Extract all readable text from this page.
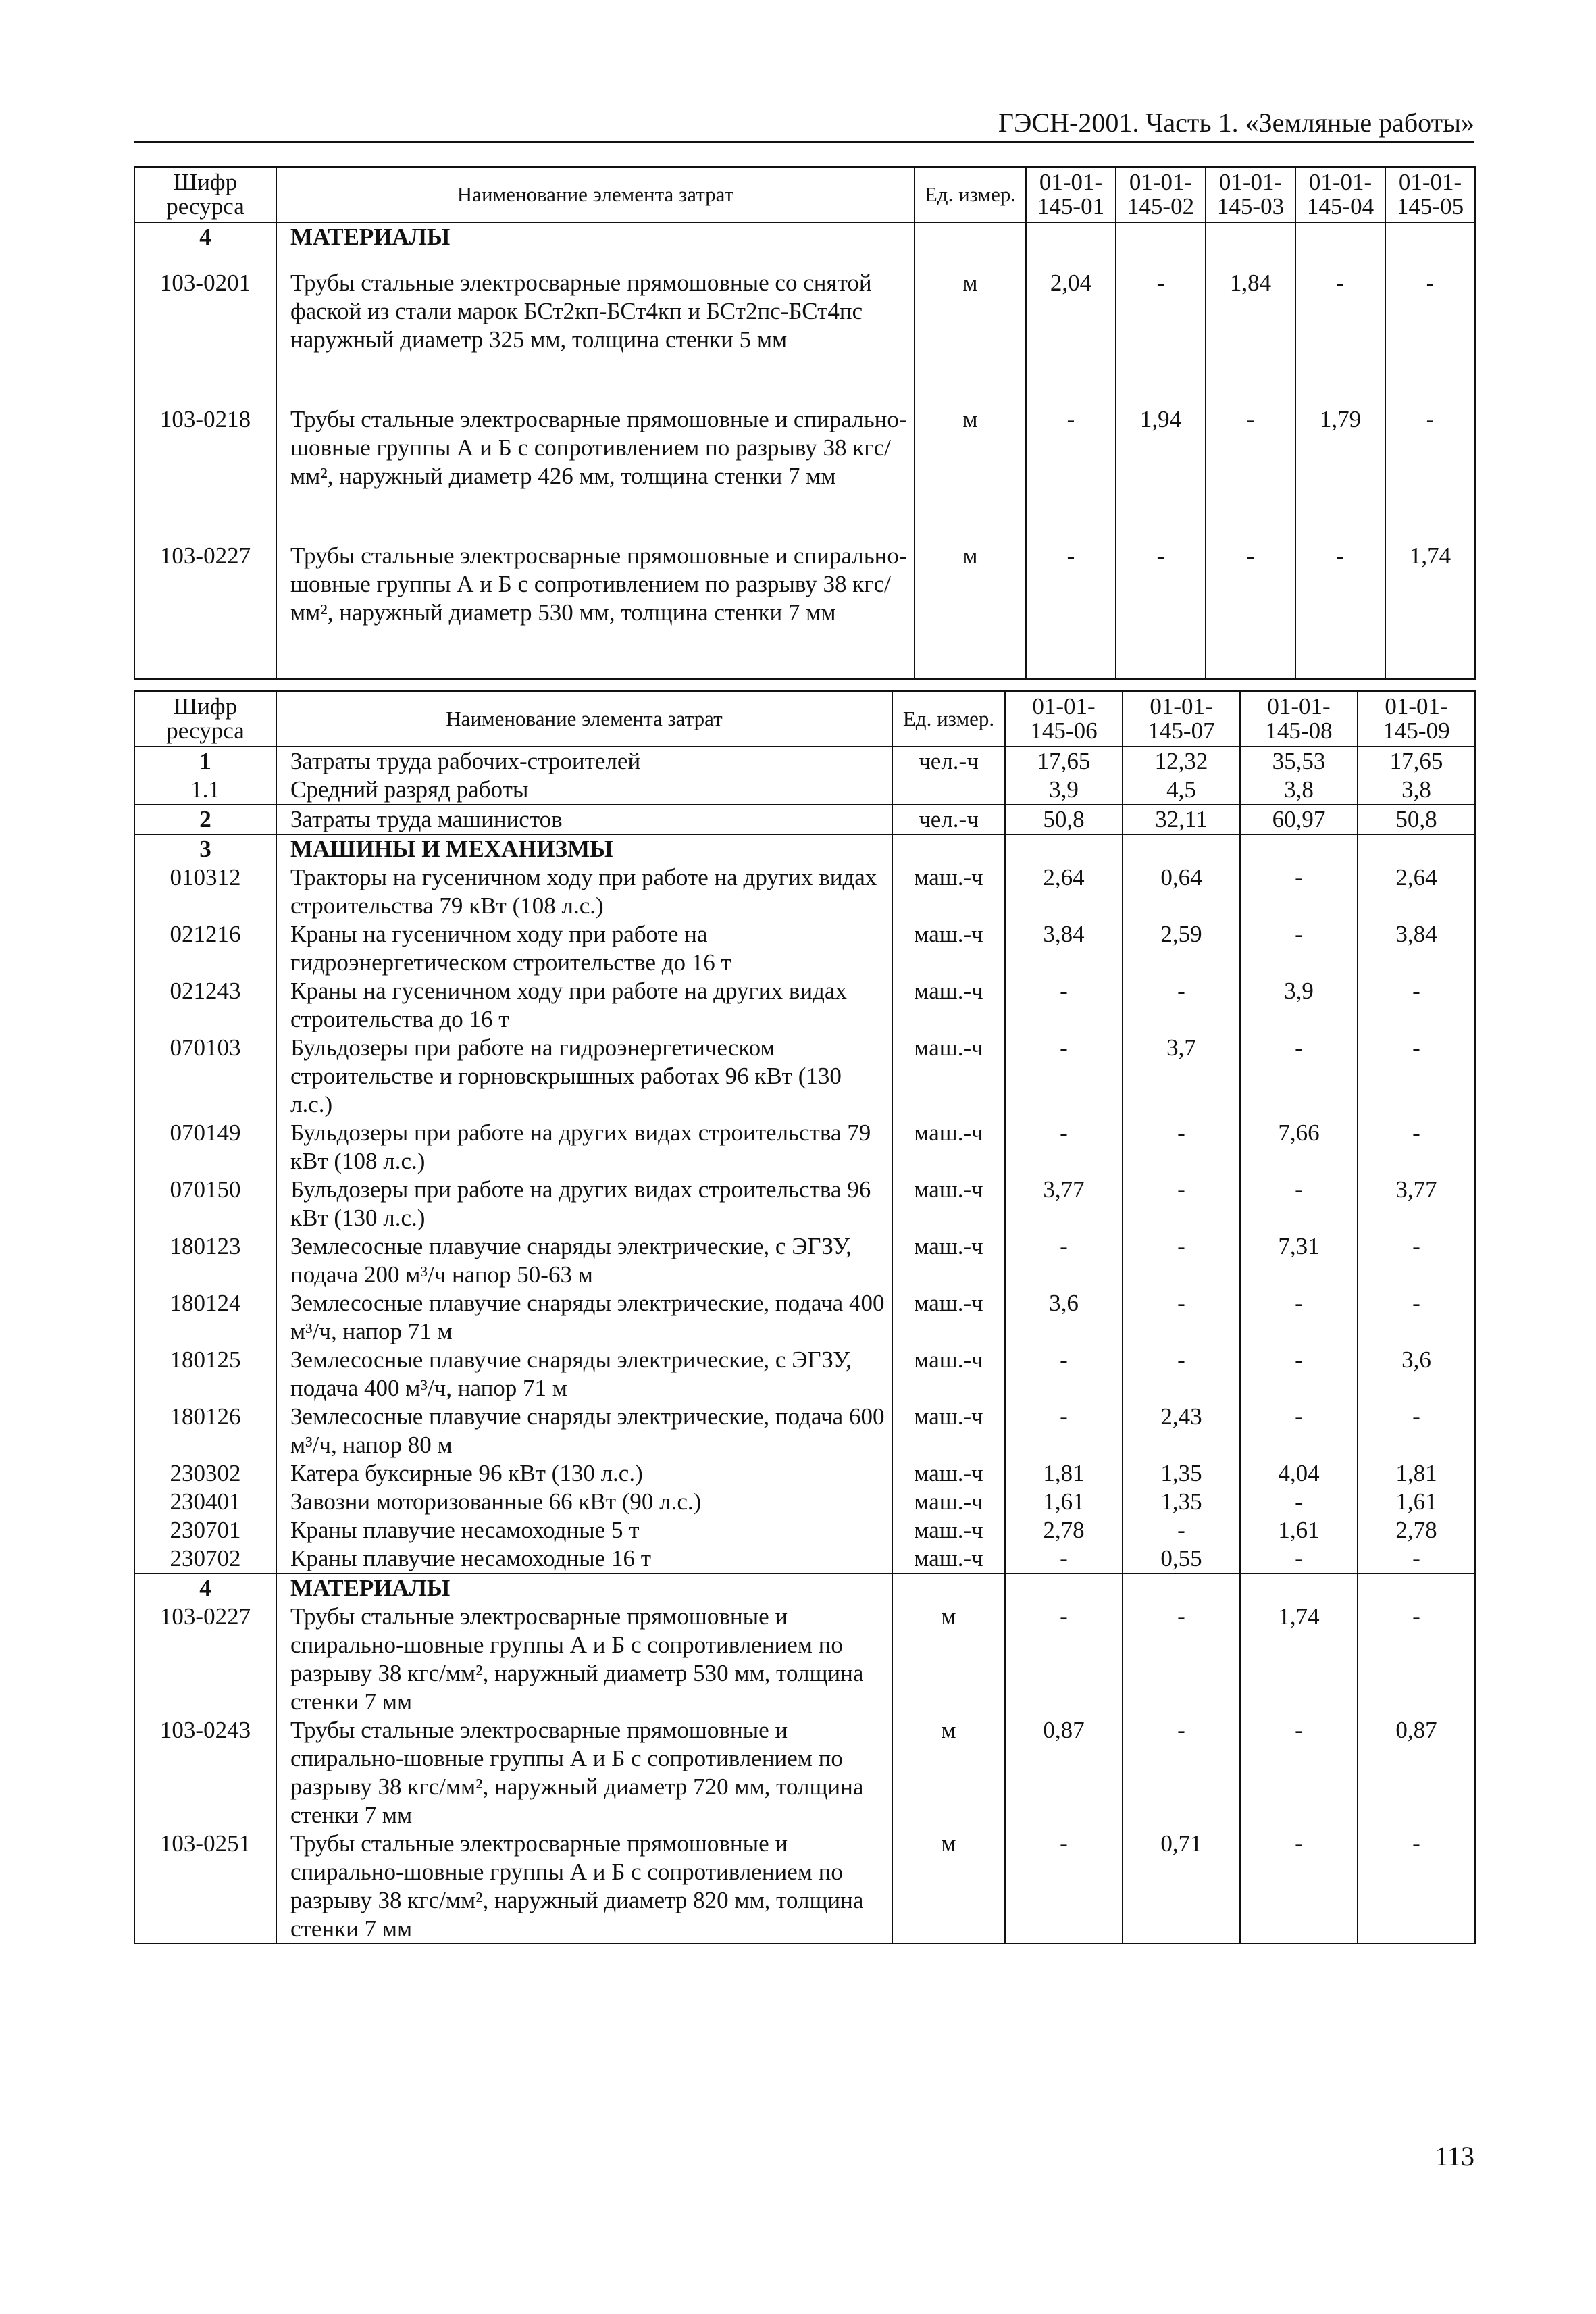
ГЭСН-2001. Часть 1. «Земляные работы»
Шифр ресурса	Наименование элемента затрат	Ед. измер.	01-01-145-01	01-01-145-02	01-01-145-03	01-01-145-04	01-01-145-05
4	МАТЕРИАЛЫ						
103-0201	Трубы стальные электросварные прямошовные со снятой фаской из стали марок БСт2кп-БСт4кп и БСт2пс-БСт4пс наружный диаметр 325 мм, толщина стенки 5 мм	м	2,04	-	1,84	-	-
103-0218	Трубы стальные электросварные прямошовные и спирально-шовные группы А и Б с сопротивлением по разрыву 38 кгс/мм², наружный диаметр 426 мм, толщина стенки 7 мм	м	-	1,94	-	1,79	-
103-0227	Трубы стальные электросварные прямошовные и спирально-шовные группы А и Б с сопротивлением по разрыву 38 кгс/мм², наружный диаметр 530 мм, толщина стенки 7 мм	м	-	-	-	-	1,74
Шифр ресурса	Наименование элемента затрат	Ед. измер.	01-01-145-06	01-01-145-07	01-01-145-08	01-01-145-09
1	Затраты труда рабочих-строителей	чел.-ч	17,65	12,32	35,53	17,65
1.1	Средний разряд работы		3,9	4,5	3,8	3,8
2	Затраты труда машинистов	чел.-ч	50,8	32,11	60,97	50,8
3	МАШИНЫ И МЕХАНИЗМЫ					
010312	Тракторы на гусеничном ходу при работе на других видах строительства 79 кВт (108 л.с.)	маш.-ч	2,64	0,64	-	2,64
021216	Краны на гусеничном ходу при работе на гидроэнергетическом строительстве до 16 т	маш.-ч	3,84	2,59	-	3,84
021243	Краны на гусеничном ходу при работе на других видах строительства до 16 т	маш.-ч	-	-	3,9	-
070103	Бульдозеры при работе на гидроэнергетическом строительстве и горновскрышных работах 96 кВт (130 л.с.)	маш.-ч	-	3,7	-	-
070149	Бульдозеры при работе на других видах строительства 79 кВт (108 л.с.)	маш.-ч	-	-	7,66	-
070150	Бульдозеры при работе на других видах строительства 96 кВт (130 л.с.)	маш.-ч	3,77	-	-	3,77
180123	Землесосные плавучие снаряды электрические, с ЭГЗУ, подача 200 м³/ч напор 50-63 м	маш.-ч	-	-	7,31	-
180124	Землесосные плавучие снаряды электрические, подача 400 м³/ч, напор 71 м	маш.-ч	3,6	-	-	-
180125	Землесосные плавучие снаряды электрические, с ЭГЗУ, подача 400 м³/ч, напор 71 м	маш.-ч	-	-	-	3,6
180126	Землесосные плавучие снаряды электрические, подача 600 м³/ч, напор 80 м	маш.-ч	-	2,43	-	-
230302	Катера буксирные 96 кВт (130 л.с.)	маш.-ч	1,81	1,35	4,04	1,81
230401	Завозни моторизованные 66 кВт (90 л.с.)	маш.-ч	1,61	1,35	-	1,61
230701	Краны плавучие несамоходные 5 т	маш.-ч	2,78	-	1,61	2,78
230702	Краны плавучие несамоходные 16 т	маш.-ч	-	0,55	-	-
4	МАТЕРИАЛЫ					
103-0227	Трубы стальные электросварные прямошовные и спирально-шовные группы А и Б с сопротивлением по разрыву 38 кгс/мм², наружный диаметр 530 мм, толщина стенки 7 мм	м	-	-	1,74	-
103-0243	Трубы стальные электросварные прямошовные и спирально-шовные группы А и Б с сопротивлением по разрыву 38 кгс/мм², наружный диаметр 720 мм, толщина стенки 7 мм	м	0,87	-	-	0,87
103-0251	Трубы стальные электросварные прямошовные и спирально-шовные группы А и Б с сопротивлением по разрыву 38 кгс/мм², наружный диаметр 820 мм, толщина стенки 7 мм	м	-	0,71	-	-
113
